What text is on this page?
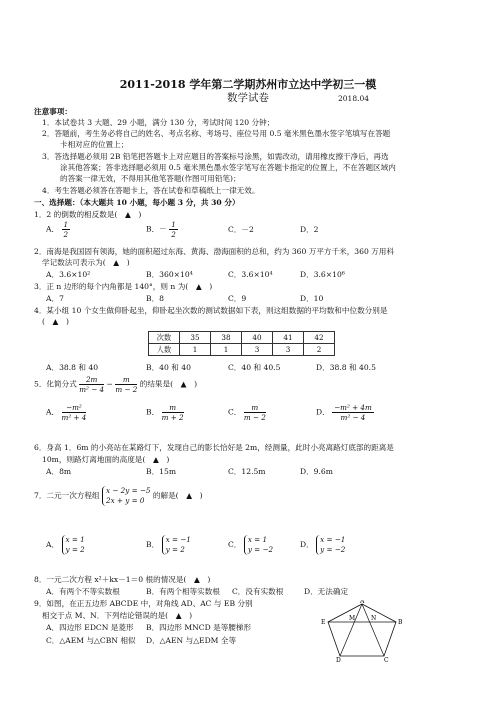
2011-2018 学年第二学期苏州市立达中学初三一模
数学试卷	2018.04
注意事项：
1．本试卷共 3 大题、29 小题，满分 130 分，考试时间 120 分钟；
2．答题前，考生务必将自己的姓名、考点名称、考场号、座位号用 0.5 毫米黑色墨水签字笔填写在答题
卡相对应的位置上；
3．答选择题必须用 2B 铅笔把答题卡上对应题目的答案标号涂黑，如需改动，请用橡皮擦干净后，再选
涂其他答案；答非选择题必须用 0.5 毫米黑色墨水签字笔写在答题卡指定的位置上，不在答题区域内
的答案一律无效，不得用其他笔答题(作图可用铅笔)；
4．考生答题必须答在答题卡上，答在试卷和草稿纸上一律无效。
一、选择题：（本大题共 10 小题，每小题 3 分，共 30 分）
1．2 的倒数的相反数是(　▲　)
A． $\frac{1}{2}$	B．－ $\frac{1}{2}$	C．－2	D．2
2．南海是我国固有领海，她的面积超过东海、黄海、渤海面积的总和，约为 360 万平方千米，360 万用科
学记数法可表示为(　▲　)
A．3.6×10²	B．360×10⁴	C．3.6×10⁴	D．3.6×10⁶
3．正 n 边形的每个内角都是 140°，则 n 为(　▲　)
A．7	B．8	C．9	D．10
4．某小组 10 个女生做仰卧起坐，仰卧起坐次数的测试数据如下表，则这组数据的平均数和中位数分别是
(　▲　)
次数	35	38	40	41	42
人数	1	1	3	3	2
A．38.8 和 40	B．40 和 40	C．40 和 40.5	D．38.8 和 40.5
5．化简分式 $\frac{2m}{\text{m² − 4}} - \frac{m}{m - 2}$ 的结果是(　▲　)
A． $\frac{\text{−m²}}{\text{m² + 4}}$	B． $\frac{m}{m + 2}$	C． $\frac{m}{m - 2}$	D． $\frac{\text{−m² + 4m}}{\text{m² − 4}}$
6．身高 1．6m 的小亮站在某路灯下，发现自己的影长恰好是 2m，经测量，此时小亮离路灯底部的距离是
10m，则路灯离地面的高度是(　▲　)
A．8m	B．15m	C．12.5m	D．9.6m
7．二元一次方程组
x − 2y = −5
2x + y = 0
的解是(　▲　)
A．
x = 1
y = 2
B．
x = −1
y = 2
C．
x = 1
y = −2
D．
x = −1
y = −2
8．一元二次方程 x²＋kx－1＝0 根的情况是(　▲　)
A．有两个不等实数根	B．有两个相等实数根 C．没有实数根	D．无法确定
9．如图，在正五边形 ABCDE 中，对角线 AD、AC 与 EB 分别
相交于点 M、N．下列结论错误的是(　▲　)
A．四边形 EDCN 是菱形 B．四边形 MNCD 是等腰梯形
C．△AEM 与△CBN 相似 D．△AEN 与△EDM 全等
A
B
C
D
E
M	N
